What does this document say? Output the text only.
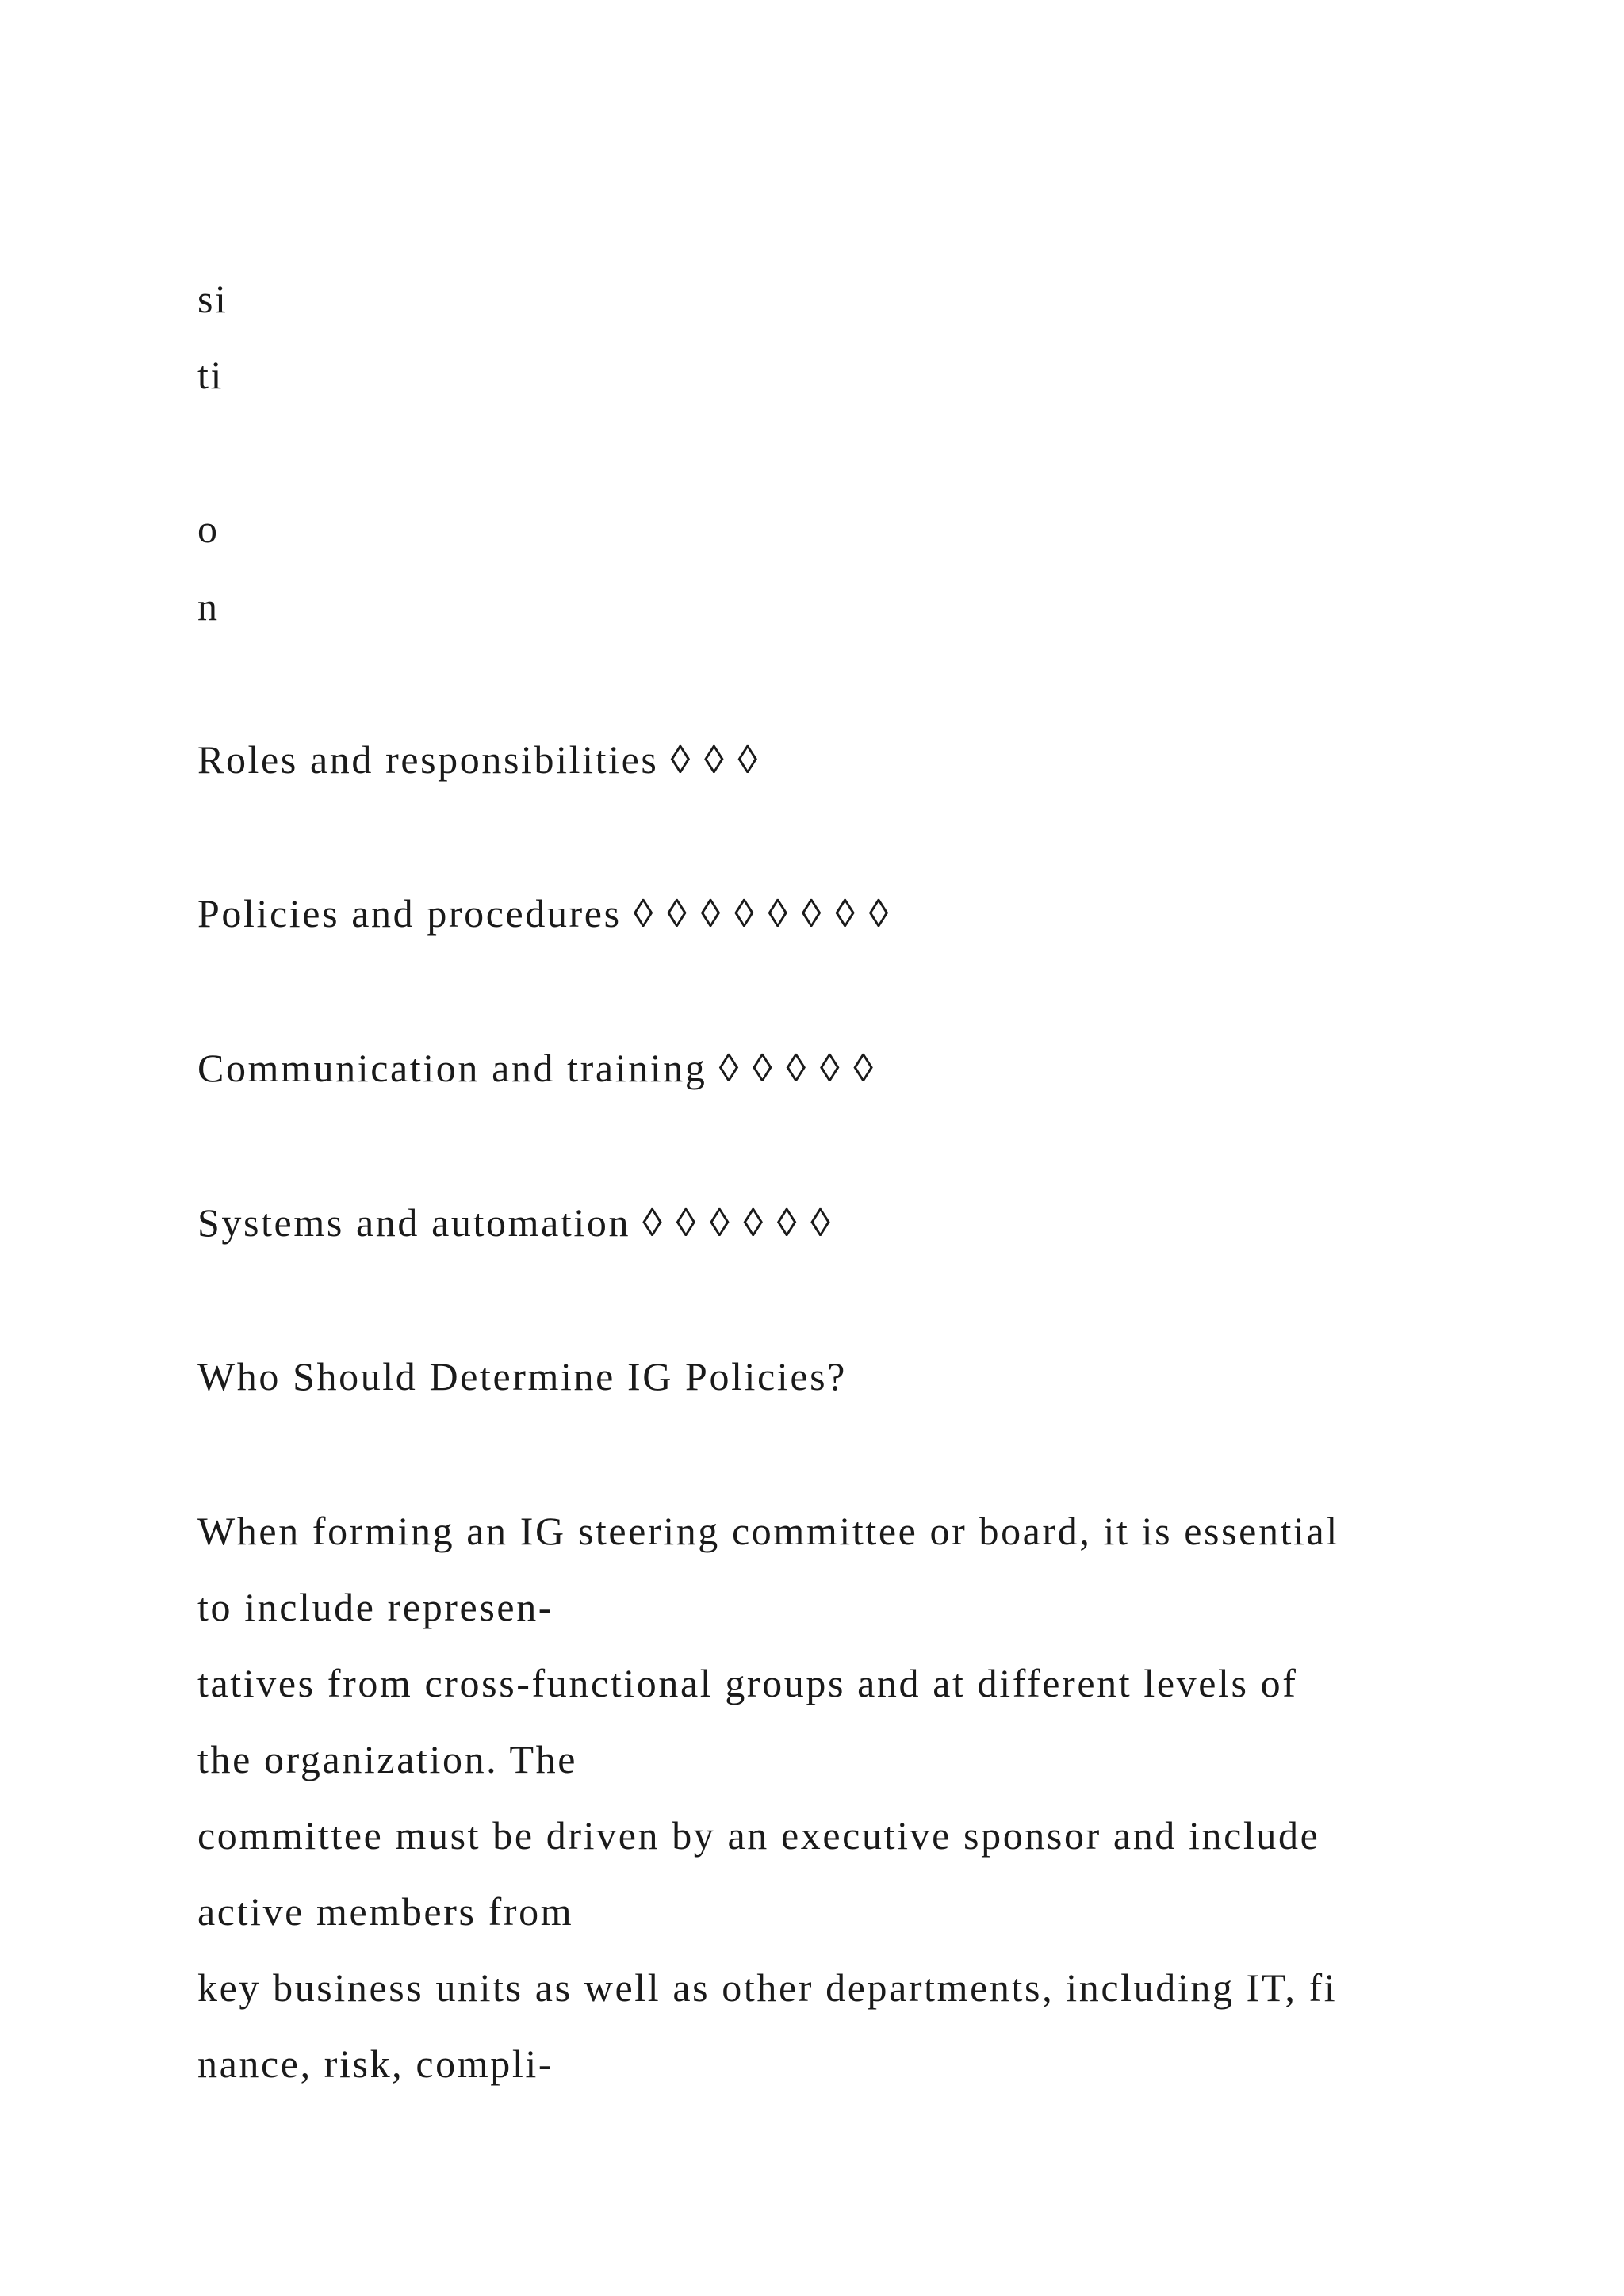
si
ti
o
n
Roles and responsibilities ◊ ◊ ◊
Policies and procedures ◊ ◊ ◊ ◊ ◊ ◊ ◊ ◊
Communication and training ◊ ◊ ◊ ◊ ◊
Systems and automation ◊ ◊ ◊ ◊ ◊ ◊
Who Should Determine IG Policies?
When forming an IG steering committee or board, it is essential
to include represen-
tatives from cross-functional groups and at different levels of
the organization. The
committee must be driven by an executive sponsor and include
active members from
key business units as well as other departments, including IT, fi
nance, risk, compli-
